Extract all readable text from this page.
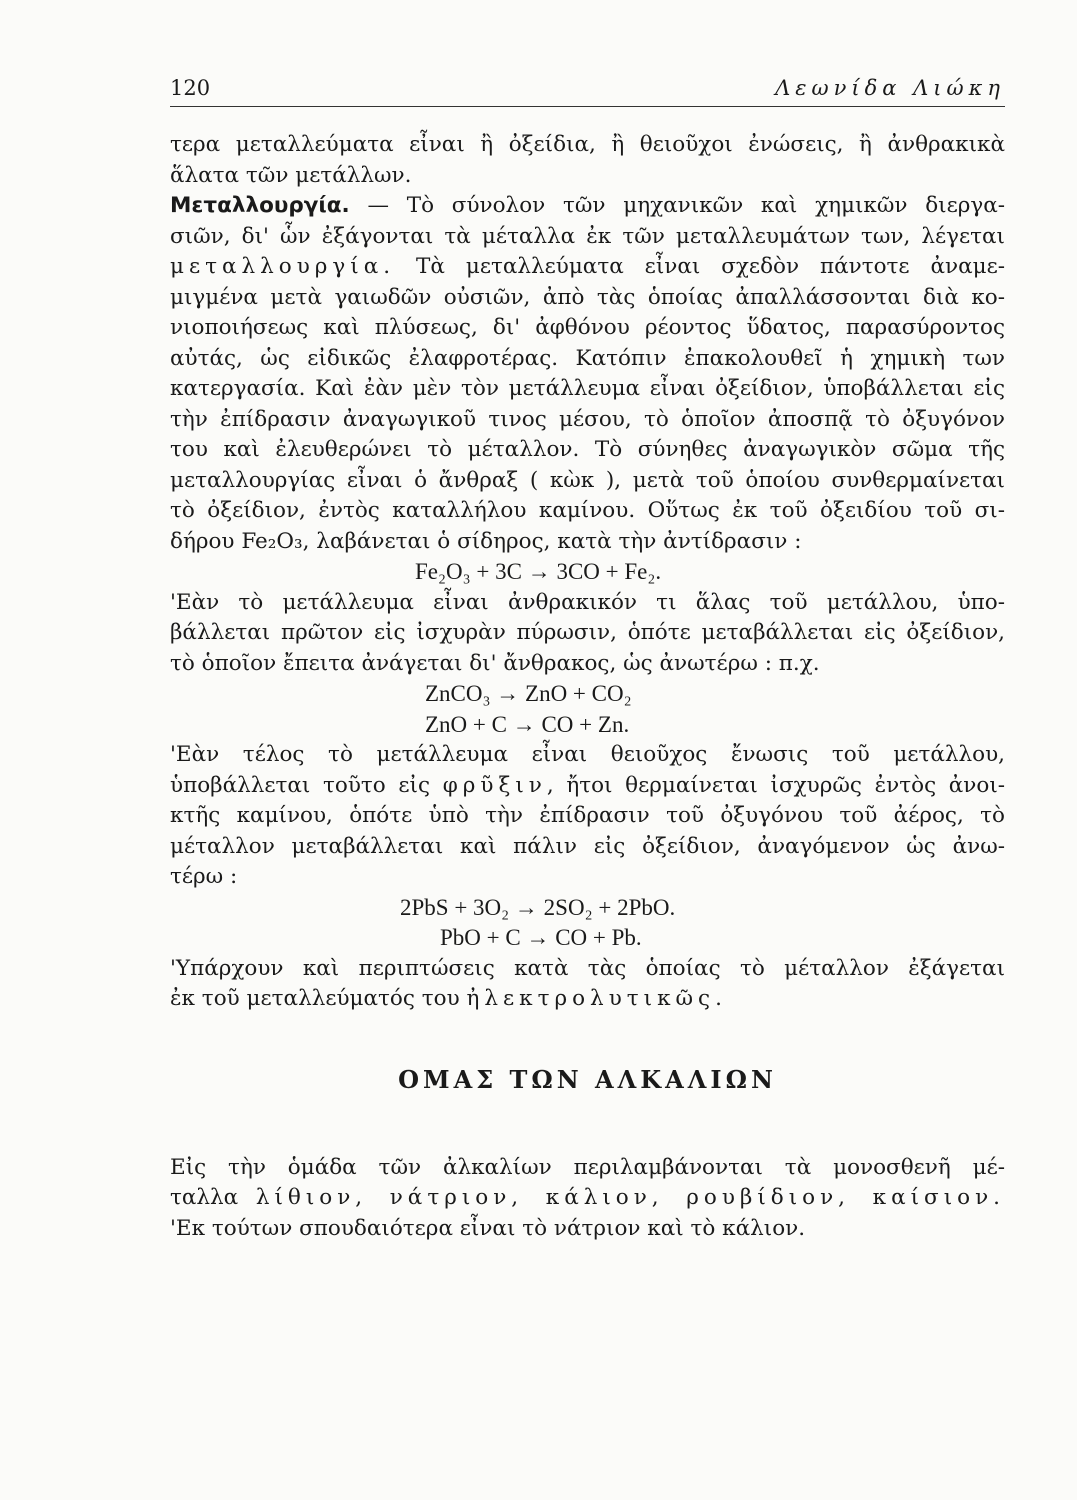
120	Λεωνίδα Λιώκη
τερα μεταλλεύματα εἶναι ἢ ὀξείδια, ἢ θειοῦχοι ἐνώσεις, ἢ ἀνθρακικὰ
ἅλατα τῶν μετάλλων.
Μεταλλουργία. — Τὸ σύνολον τῶν μηχανικῶν καὶ χημικῶν διεργα-
σιῶν, δι' ὧν ἐξάγονται τὰ μέταλλα ἐκ τῶν μεταλλευμάτων των, λέγεται
μεταλλουργία. Τὰ μεταλλεύματα εἶναι σχεδὸν πάντοτε ἀναμε-
μιγμένα μετὰ γαιωδῶν οὐσιῶν, ἀπὸ τὰς ὁποίας ἀπαλλάσσονται διὰ κο-
νιοποιήσεως καὶ πλύσεως, δι' ἀφθόνου ρέοντος ὕδατος, παρασύροντος
αὐτάς, ὡς εἰδικῶς ἐλαφροτέρας. Κατόπιν ἐπακολουθεῖ ἡ χημικὴ των
κατεργασία. Καὶ ἐὰν μὲν τὸν μετάλλευμα εἶναι ὀξείδιον, ὑποβάλλεται εἰς
τὴν ἐπίδρασιν ἀναγωγικοῦ τινος μέσου, τὸ ὁποῖον ἀποσπᾷ τὸ ὀξυγόνον
του καὶ ἐλευθερώνει τὸ μέταλλον. Τὸ σύνηθες ἀναγωγικὸν σῶμα τῆς
μεταλλουργίας εἶναι ὁ ἄνθραξ ( κὼκ ), μετὰ τοῦ ὁποίου συνθερμαίνεται
τὸ ὀξείδιον, ἐντὸς καταλλήλου καμίνου. Οὕτως ἐκ τοῦ ὀξειδίου τοῦ σι-
δήρου Fe₂O₃, λαβάνεται ὁ σίδηρος, κατὰ τὴν ἀντίδρασιν :
Fe₂O₃ + 3C → 3CO + Fe₂.
'Εὰν τὸ μετάλλευμα εἶναι ἀνθρακικόν τι ἅλας τοῦ μετάλλου, ὑπο-
βάλλεται πρῶτον εἰς ἰσχυρὰν πύρωσιν, ὁπότε μεταβάλλεται εἰς ὀξείδιον,
τὸ ὁποῖον ἔπειτα ἀνάγεται δι' ἄνθρακος, ὡς ἀνωτέρω : π.χ.
ZnCO₃ → ZnO + CO₂
ZnO + C → CO + Zn.
'Εὰν τέλος τὸ μετάλλευμα εἶναι θειοῦχος ἔνωσις τοῦ μετάλλου,
ὑποβάλλεται τοῦτο εἰς φρῦξιν, ἤτοι θερμαίνεται ἰσχυρῶς ἐντὸς ἀνοι-
κτῆς καμίνου, ὁπότε ὑπὸ τὴν ἐπίδρασιν τοῦ ὀξυγόνου τοῦ ἀέρος, τὸ
μέταλλον μεταβάλλεται καὶ πάλιν εἰς ὀξείδιον, ἀναγόμενον ὡς ἀνω-
τέρω :
2PbS + 3O₂ → 2SO₂ + 2PbO.
PbO + C → CO + Pb.
'Υπάρχουν καὶ περιπτώσεις κατὰ τὰς ὁποίας τὸ μέταλλον ἐξάγεται
ἐκ τοῦ μεταλλεύματός του ἠλεκτρολυτικῶς.
ΟΜΑΣ ΤΩΝ ΑΛΚΑΛΙΩΝ
Εἰς τὴν ὁμάδα τῶν ἀλκαλίων περιλαμβάνονται τὰ μονοσθενῆ μέ-
ταλλα λίθιον, νάτριον, κάλιον, ρουβίδιον, καίσιον.
'Εκ τούτων σπουδαιότερα εἶναι τὸ νάτριον καὶ τὸ κάλιον.
